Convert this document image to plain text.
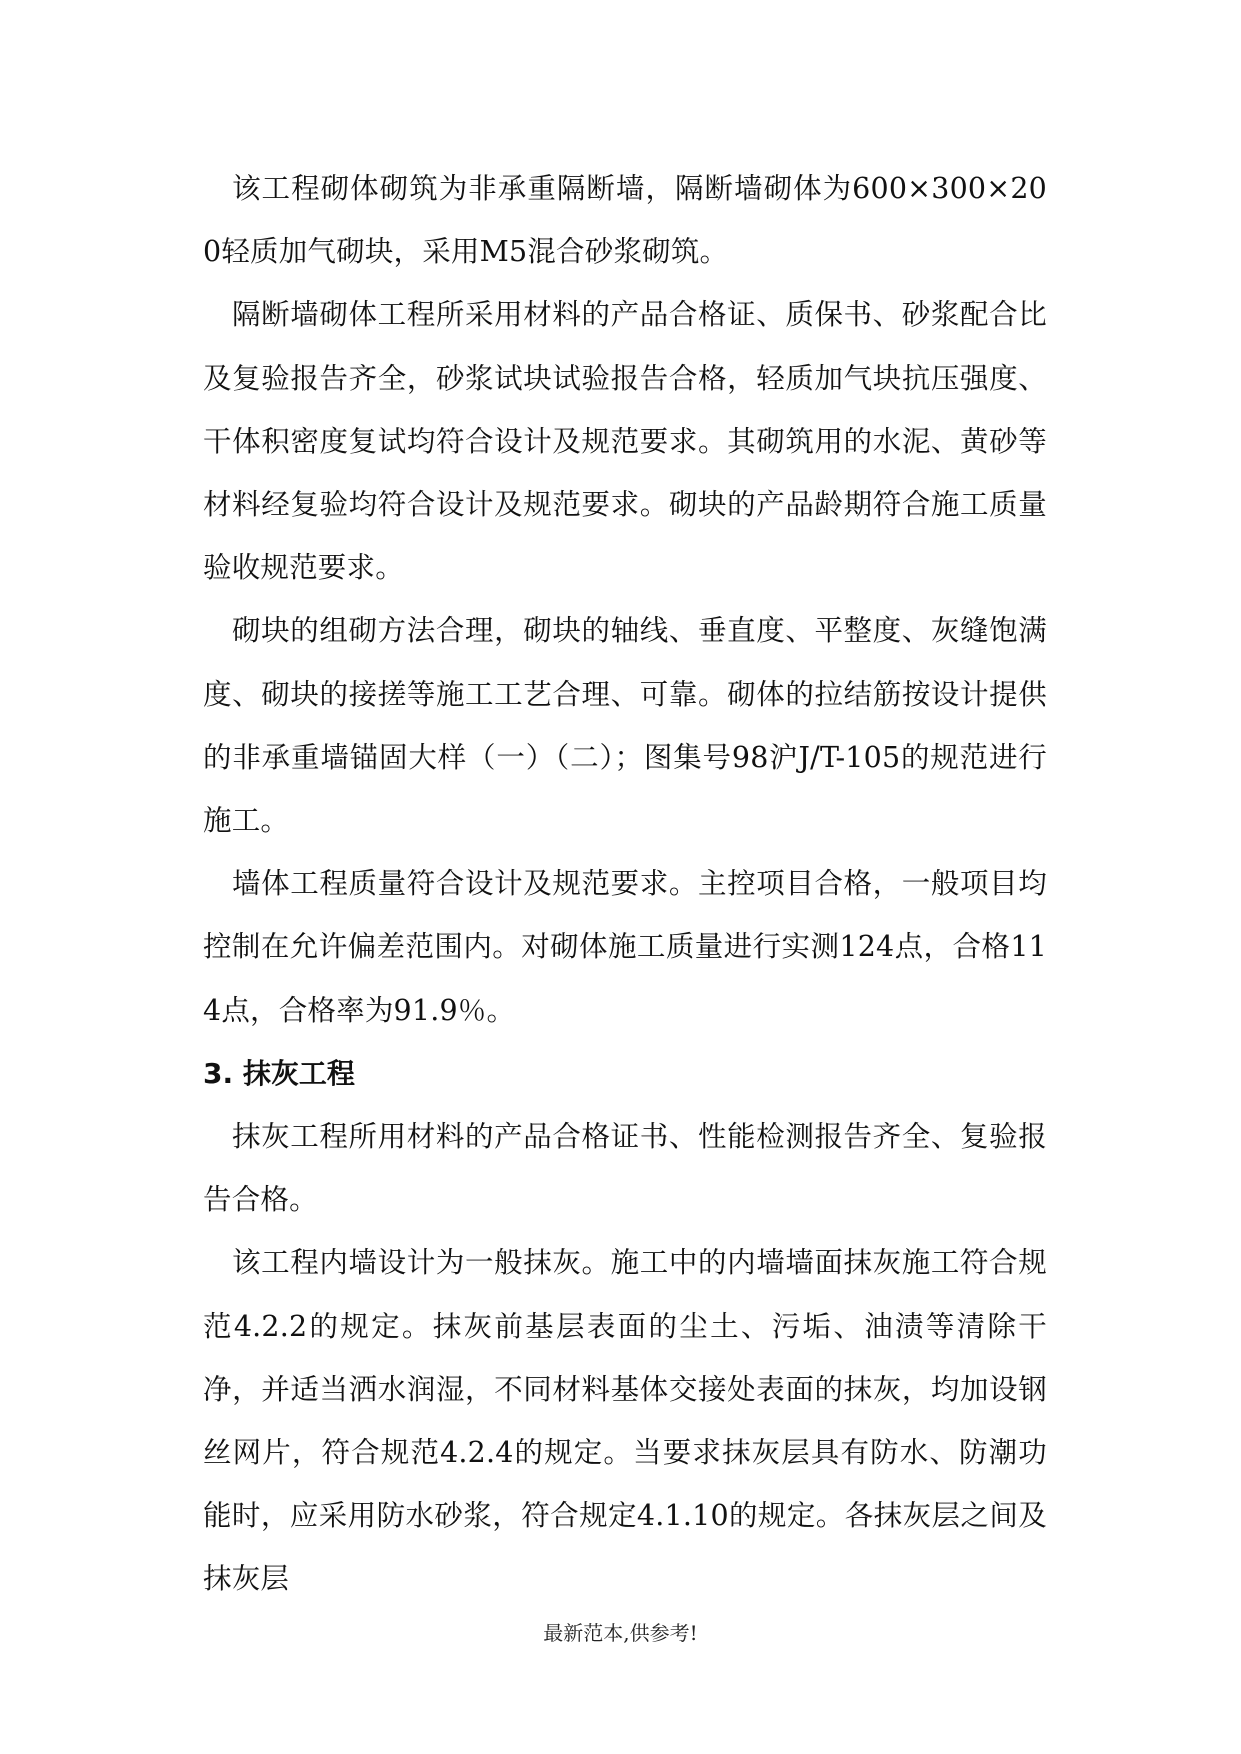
该工程砌体砌筑为非承重隔断墙，隔断墙砌体为600×300×200轻质加气砌块，采用M5混合砂浆砌筑。

隔断墙砌体工程所采用材料的产品合格证、质保书、砂浆配合比及复验报告齐全，砂浆试块试验报告合格，轻质加气块抗压强度、干体积密度复试均符合设计及规范要求。其砌筑用的水泥、黄砂等材料经复验均符合设计及规范要求。砌块的产品龄期符合施工质量验收规范要求。

砌块的组砌方法合理，砌块的轴线、垂直度、平整度、灰缝饱满度、砌块的接搓等施工工艺合理、可靠。砌体的拉结筋按设计提供的非承重墙锚固大样（一）（二）；图集号98沪J/T-105的规范进行施工。

墙体工程质量符合设计及规范要求。主控项目合格，一般项目均控制在允许偏差范围内。对砌体施工质量进行实测124点，合格114点，合格率为91.9％。

3. 抹灰工程

抹灰工程所用材料的产品合格证书、性能检测报告齐全、复验报告合格。

该工程内墙设计为一般抹灰。施工中的内墙墙面抹灰施工符合规范4.2.2的规定。抹灰前基层表面的尘土、污垢、油渍等清除干净，并适当洒水润湿，不同材料基体交接处表面的抹灰，均加设钢丝网片，符合规范4.2.4的规定。当要求抹灰层具有防水、防潮功能时，应采用防水砂浆，符合规定4.1.10的规定。各抹灰层之间及抹灰层

最新范本,供参考!
